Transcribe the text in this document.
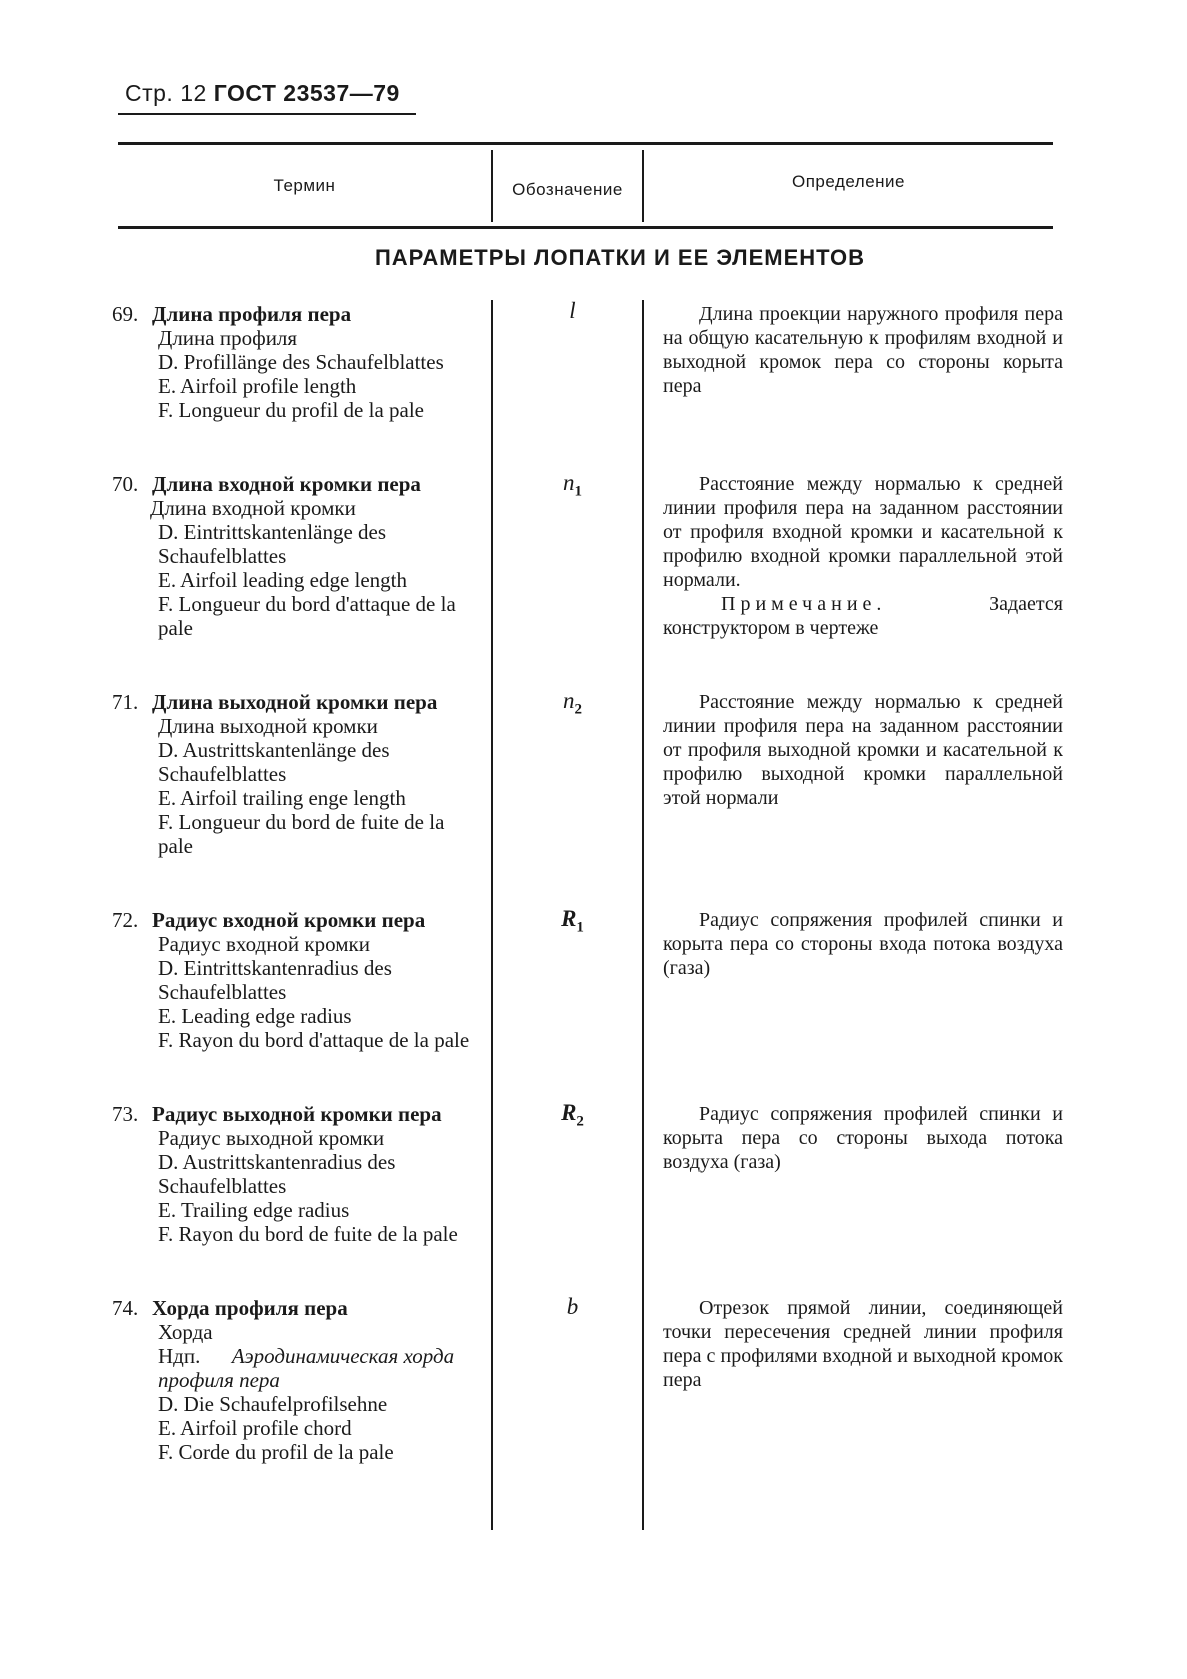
Стр. 12 ГОСТ 23537—79
Термин	Обозначение	Определение
ПАРАМЕТРЫ ЛОПАТКИ И ЕЕ ЭЛЕМЕНТОВ
69. Длина профиля пера
Длина профиля
D. Profillänge des Schaufelblattes
E. Airfoil profile length
F. Longueur du profil de la pale
l	Длина проекции наружного профиля пера на общую касательную к профилям входной и выходной кромок пера со стороны корыта пера

70. Длина входной кромки пера
Длина входной кромки
D. Eintrittskantenlänge des Schaufelblattes
E. Airfoil leading edge length
F. Longueur du bord d'attaque de la pale
$n_1$	Расстояние между нормалью к средней линии профиля пера на заданном расстоянии от профиля входной кромки и касательной к профилю входной кромки параллельной этой нормали.

Примечание.	Задается конструктором в чертеже

71. Длина выходной кромки пера
Длина выходной кромки
D. Austrittskantenlänge des Schaufelblattes
E. Airfoil trailing enge length
F. Longueur du bord de fuite de la pale
$n_2$	Расстояние между нормалью к средней линии профиля пера на заданном расстоянии от профиля выходной кромки и касательной к профилю выходной кромки параллельной этой нормали

72. Радиус входной кромки пера
Радиус входной кромки
D. Eintrittskantenradius des Schaufelblattes
E. Leading edge radius
F. Rayon du bord d'attaque de la pale
$R_1$	Радиус сопряжения профилей спинки и корыта пера со стороны входа потока воздуха (газа)

73. Радиус выходной кромки пера
Радиус выходной кромки
D. Austrittskantenradius des Schaufelblattes
E. Trailing edge radius
F. Rayon du bord de fuite de la pale
$R_2$	Радиус сопряжения профилей спинки и корыта пера со стороны выхода потока воздуха (газа)

74. Хорда профиля пера
Хорда
Ндп. Аэродинамическая хорда профиля пера
D. Die Schaufelprofilsehne
E. Airfoil profile chord
F. Corde du profil de la pale
b	Отрезок прямой линии, соединяющей точки пересечения средней линии профиля пера с профилями входной и выходной кромок пера
